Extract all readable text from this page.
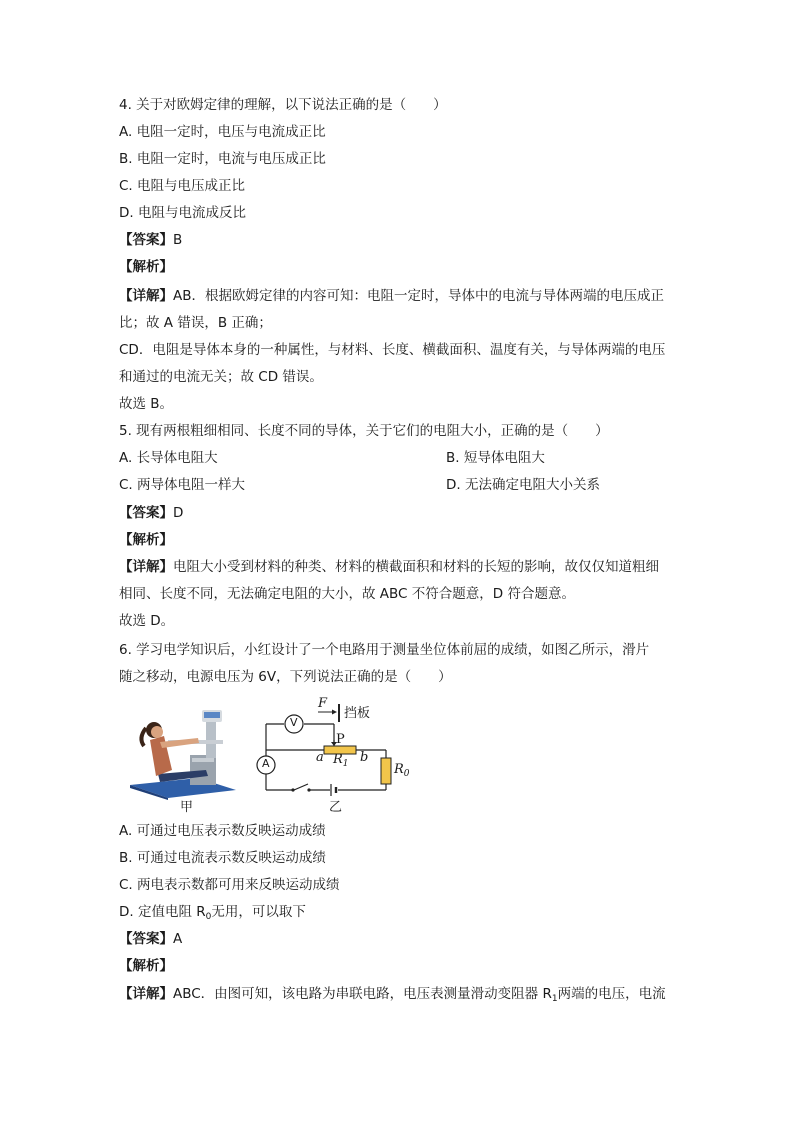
4. 关于对欧姆定律的理解，以下说法正确的是（　　）
A. 电阻一定时，电压与电流成正比
B. 电阻一定时，电流与电压成正比
C. 电阻与电压成正比
D. 电阻与电流成反比
【答案】B
【解析】
【详解】AB．根据欧姆定律的内容可知：电阻一定时，导体中的电流与导体两端的电压成正
比；故 A 错误，B 正确；
CD．电阻是导体本身的一种属性，与材料、长度、横截面积、温度有关，与导体两端的电压
和通过的电流无关；故 CD 错误。
故选 B。
5. 现有两根粗细相同、长度不同的导体，关于它们的电阻大小，正确的是（　　）
A. 长导体电阻大	B. 短导体电阻大
C. 两导体电阻一样大	D. 无法确定电阻大小关系
【答案】D
【解析】
【详解】电阻大小受到材料的种类、材料的横截面积和材料的长短的影响，故仅仅知道粗细
相同、长度不同，无法确定电阻的大小，故 ABC 不符合题意，D 符合题意。
故选 D。
6. 学习电学知识后，小红设计了一个电路用于测量坐位体前屈的成绩，如图乙所示，滑片
随之移动，电源电压为 6V，下列说法正确的是（　　）
甲
F
挡板
V
A
P
a	b
$R_1$	$R_0$
乙
A. 可通过电压表示数反映运动成绩
B. 可通过电流表示数反映运动成绩
C. 两电表示数都可用来反映运动成绩
D. 定值电阻 $R_0$无用，可以取下
【答案】A
【解析】
【详解】ABC．由图可知，该电路为串联电路，电压表测量滑动变阻器 $R_1$两端的电压，电流
